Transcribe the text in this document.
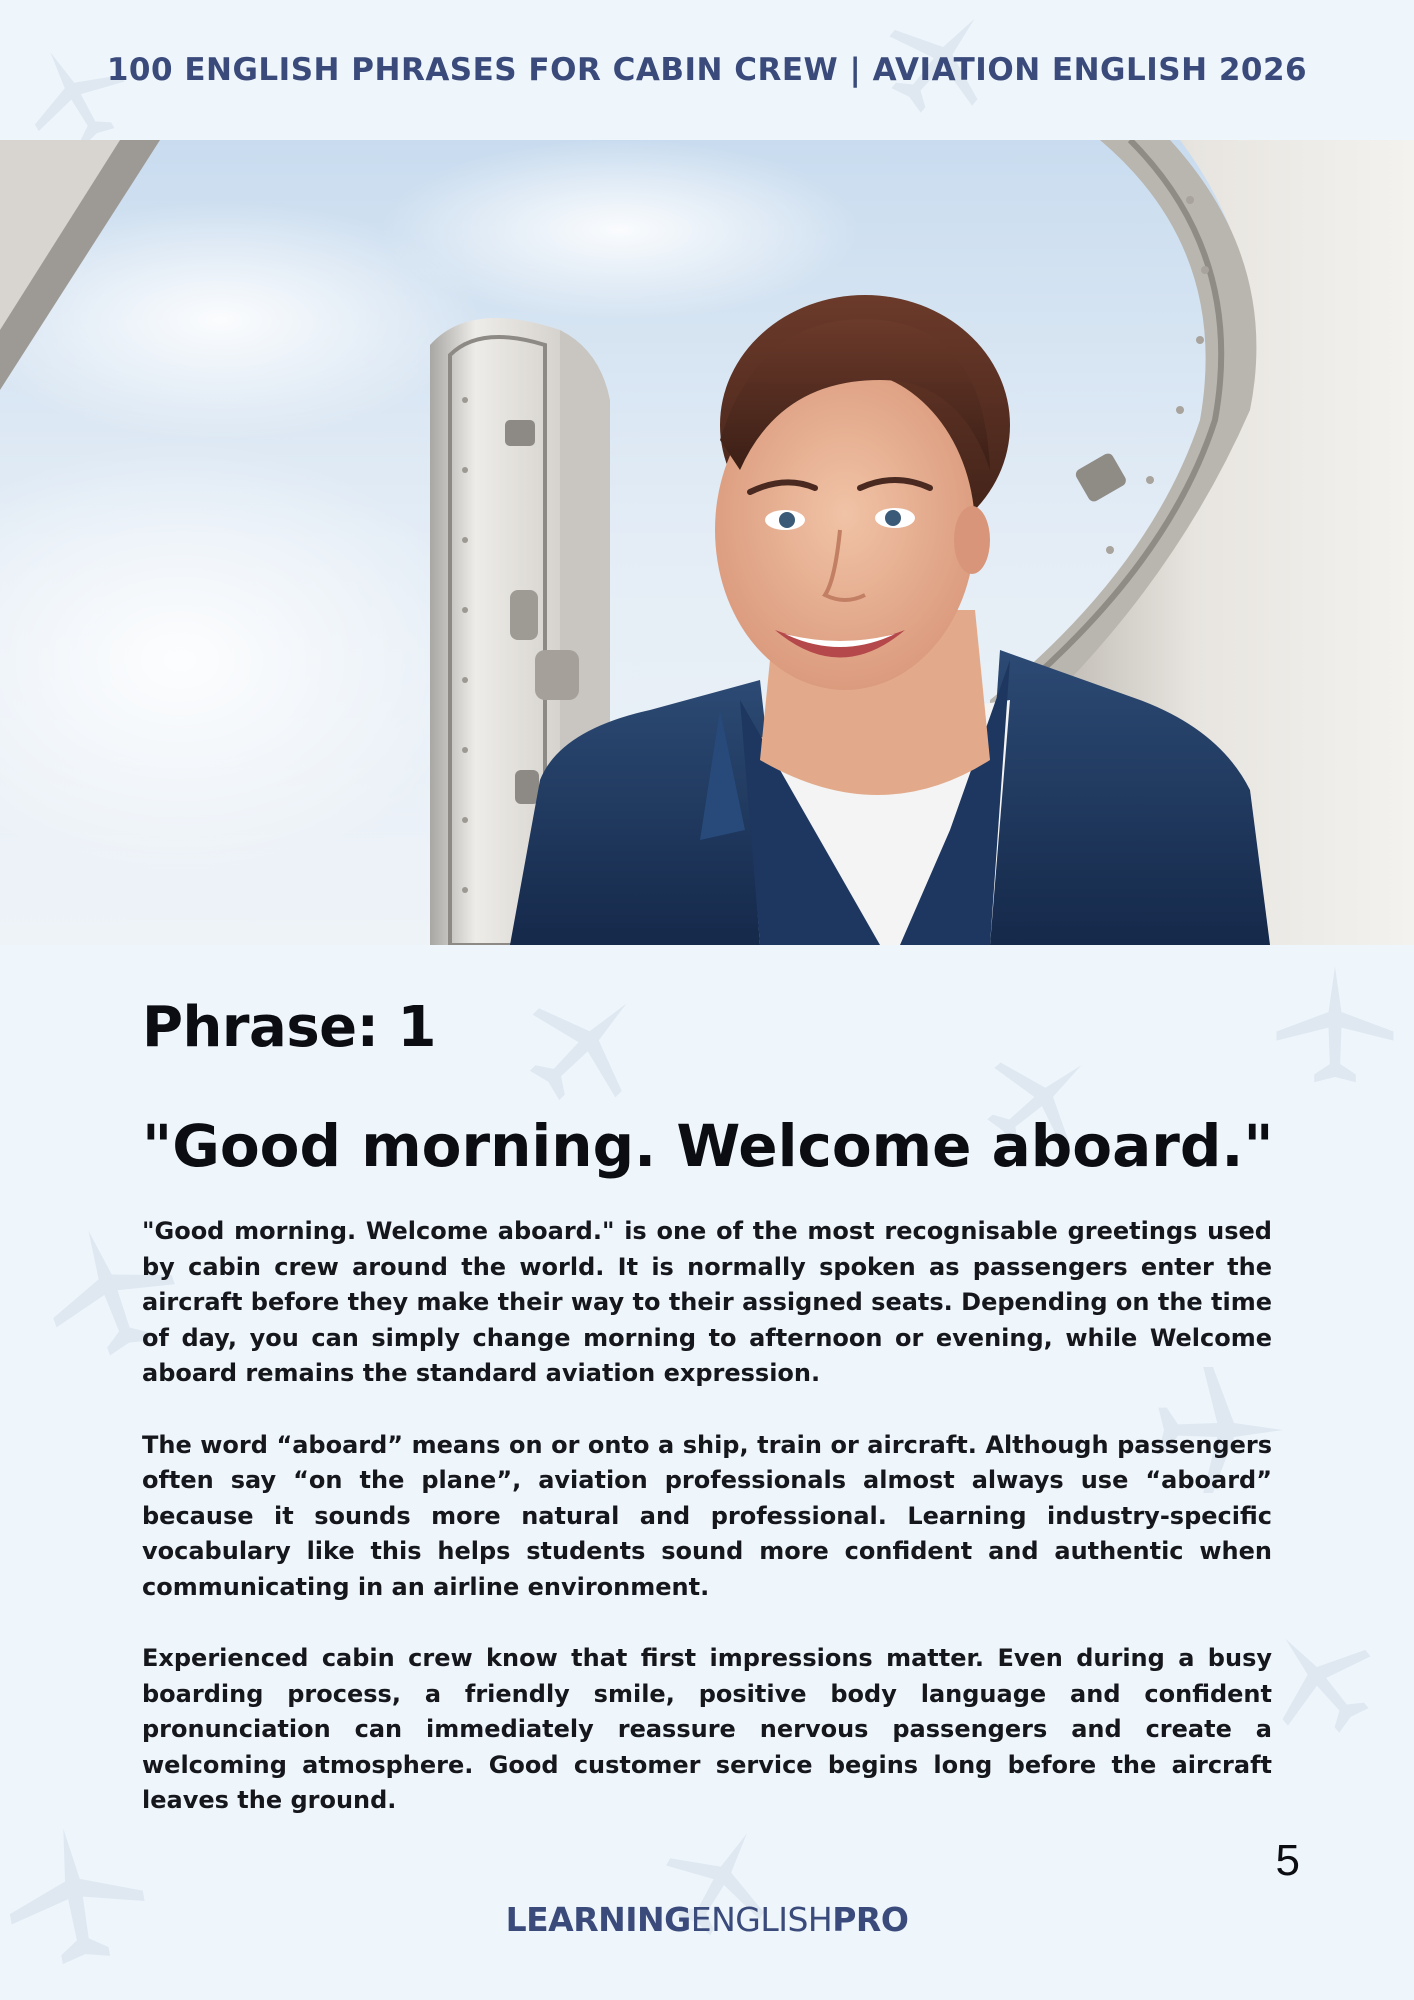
100 ENGLISH PHRASES FOR CABIN CREW | AVIATION ENGLISH 2026
Phrase: 1
"Good morning. Welcome aboard."

"Good morning. Welcome aboard." is one of the most recognisable greetings used by cabin crew around the world. It is normally spoken as passengers enter the aircraft before they make their way to their assigned seats. Depending on the time of day, you can simply change morning to afternoon or evening, while Welcome aboard remains the standard aviation expression.

The word “aboard” means on or onto a ship, train or aircraft. Although passengers often say “on the plane”, aviation professionals almost always use “aboard” because it sounds more natural and professional. Learning industry-specific vocabulary like this helps students sound more confident and authentic when communicating in an airline environment.

Experienced cabin crew know that first impressions matter. Even during a busy boarding process, a friendly smile, positive body language and confident pronunciation can immediately reassure nervous passengers and create a welcoming atmosphere. Good customer service begins long before the aircraft leaves the ground.

5
LEARNINGENGLISHPRO
